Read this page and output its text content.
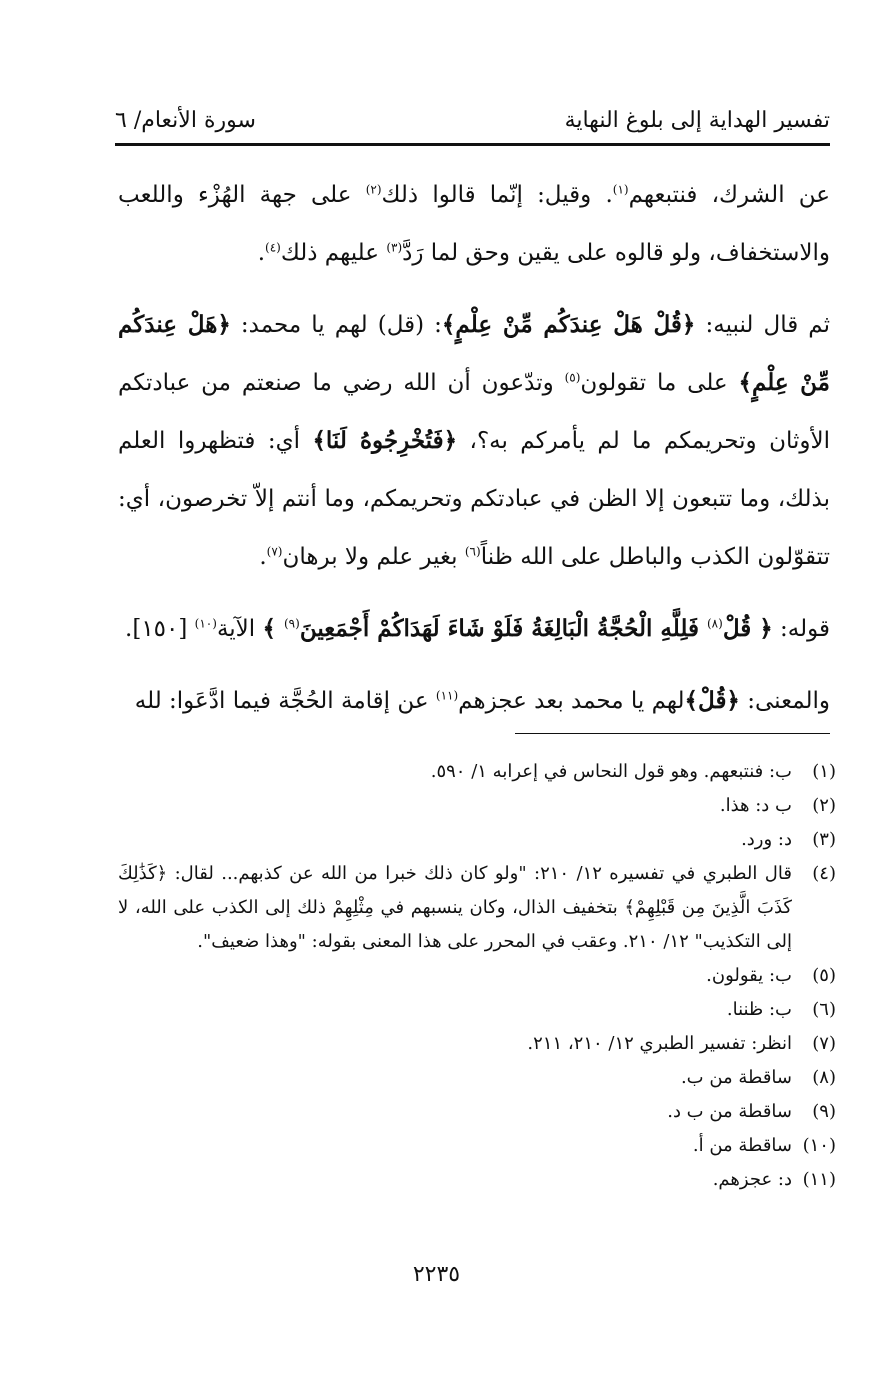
تفسير الهداية إلى بلوغ النهاية
سورة الأنعام/ ٦

عن الشرك، فنتبعهم$^{(١)}$. وقيل: إنّما قالوا ذلك$^{(٢)}$ على جهة الهُزْء واللعب والاستخفاف، ولو قالوه على يقين وحق لما رَدَّ$^{(٣)}$ عليهم ذلك$^{(٤)}$.

ثم قال لنبيه: ﴿قُلْ هَلْ عِندَكُم مِّنْ عِلْمٍ﴾: (قل) لهم يا محمد: ﴿هَلْ عِندَكُم مِّنْ عِلْمٍ﴾ على ما تقولون$^{(٥)}$ وتدّعون أن الله رضي ما صنعتم من عبادتكم الأوثان وتحريمكم ما لم يأمركم به؟، ﴿فَتُخْرِجُوهُ لَنَا﴾ أي: فتظهروا العلم بذلك، وما تتبعون إلا الظن في عبادتكم وتحريمكم، وما أنتم إلاّ تخرصون، أي: تتقوّلون الكذب والباطل على الله ظناً$^{(٦)}$ بغير علم ولا برهان$^{(٧)}$.

قوله: ﴿ قُلْ$^{(٨)}$ فَلِلَّهِ الْحُجَّةُ الْبَالِغَةُ فَلَوْ شَاءَ لَهَدَاكُمْ أَجْمَعِينَ$^{(٩)}$ ﴾ الآية$^{(١٠)}$ [١٥٠].

والمعنى: ﴿قُلْ﴾لهم يا محمد بعد عجزهم$^{(١١)}$ عن إقامة الحُجَّة فيما ادَّعَوا: لله

(١)
ب: فنتبعهم. وهو قول النحاس في إعرابه ١/ ٥٩٠.
(٢)
ب د: هذا.
(٣)
د: ورد.
(٤)
قال الطبري في تفسيره ١٢/ ٢١٠: "ولو كان ذلك خبرا من الله عن كذبهم... لقال: ﴿كَذَٰلِكَ كَذَبَ الَّذِينَ مِن قَبْلِهِمْ﴾ بتخفيف الذال، وكان ينسبهم في مِثْلِهِمْ ذلك إلى الكذب على الله، لا إلى التكذيب" ١٢/ ٢١٠. وعقب في المحرر على هذا المعنى بقوله: "وهذا ضعيف".
(٥)
ب: يقولون.
(٦)
ب: ظننا.
(٧)
انظر: تفسير الطبري ١٢/ ٢١٠، ٢١١.
(٨)
ساقطة من ب.
(٩)
ساقطة من ب د.
(١٠)
ساقطة من أ.
(١١)
د: عجزهم.
٢٢٣٥
